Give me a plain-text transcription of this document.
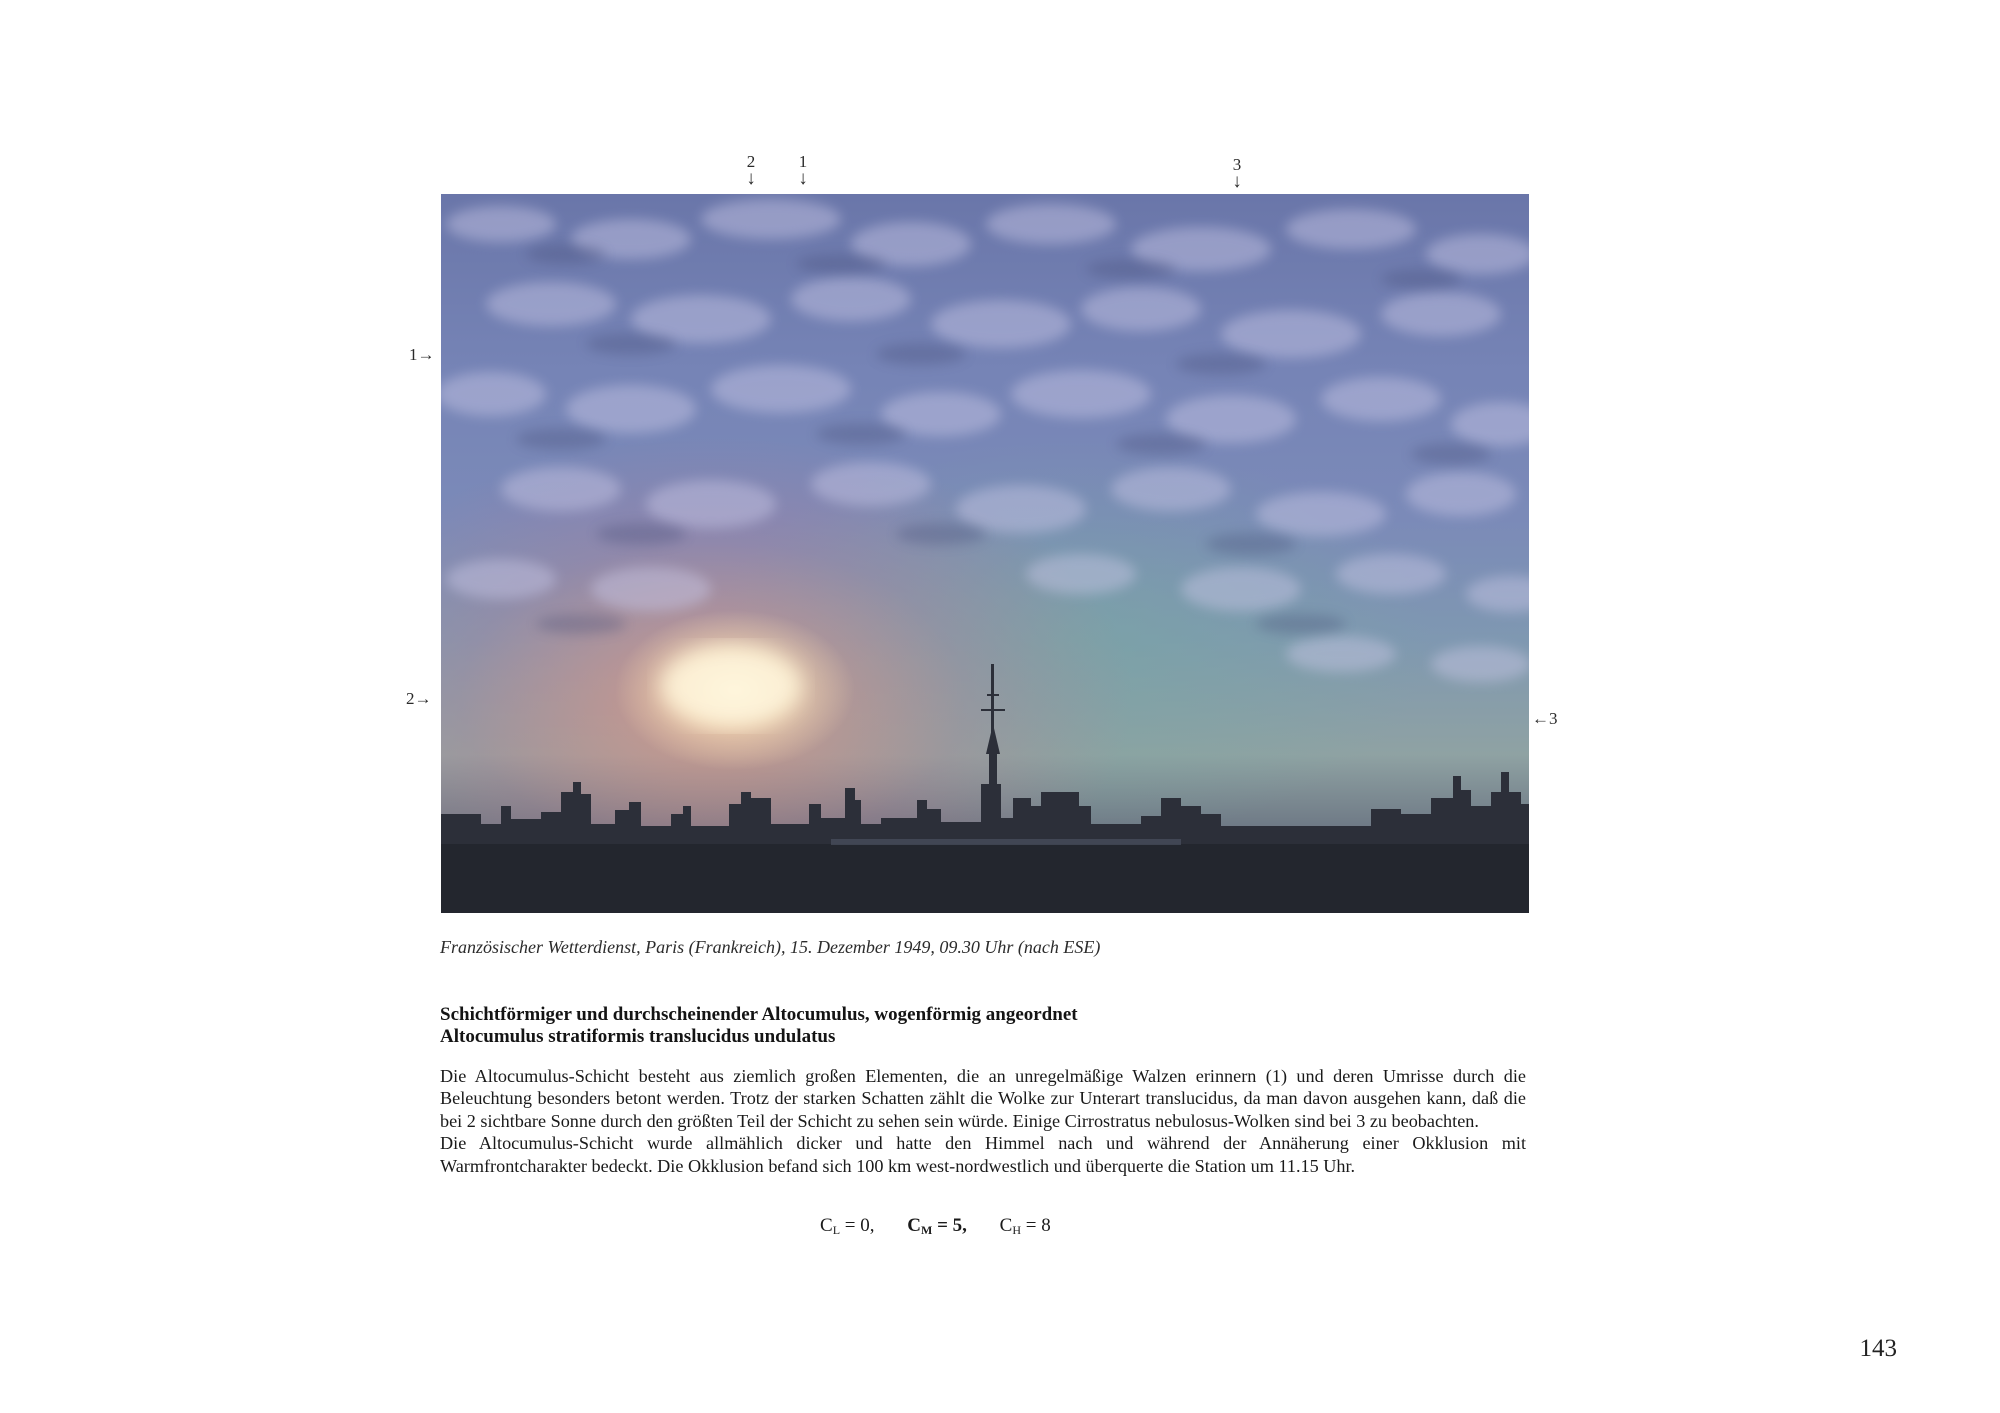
2
↓
1
↓
3
↓
1→
2→
←3
Französischer Wetterdienst, Paris (Frankreich), 15. Dezember 1949, 09.30 Uhr (nach ESE)
Schichtförmiger und durchscheinender Altocumulus, wogenförmig angeordnet
Altocumulus stratiformis translucidus undulatus

Die Altocumulus-Schicht besteht aus ziemlich großen Elementen, die an unregelmäßige Walzen erinnern (1) und deren Umrisse durch die Beleuchtung besonders betont werden. Trotz der starken Schatten zählt die Wolke zur Unterart translucidus, da man davon ausgehen kann, daß die bei 2 sichtbare Sonne durch den größten Teil der Schicht zu sehen sein würde. Einige Cirrostratus nebulosus-Wolken sind bei 3 zu beobachten.

Die Altocumulus-Schicht wurde allmählich dicker und hatte den Himmel nach und während der Annäherung einer Okklusion mit Warmfrontcharakter bedeckt. Die Okklusion befand sich 100 km west-nordwestlich und überquerte die Station um 11.15 Uhr.

$C_L = 0$, $C_M = 5$, $C_H = 8$
143
